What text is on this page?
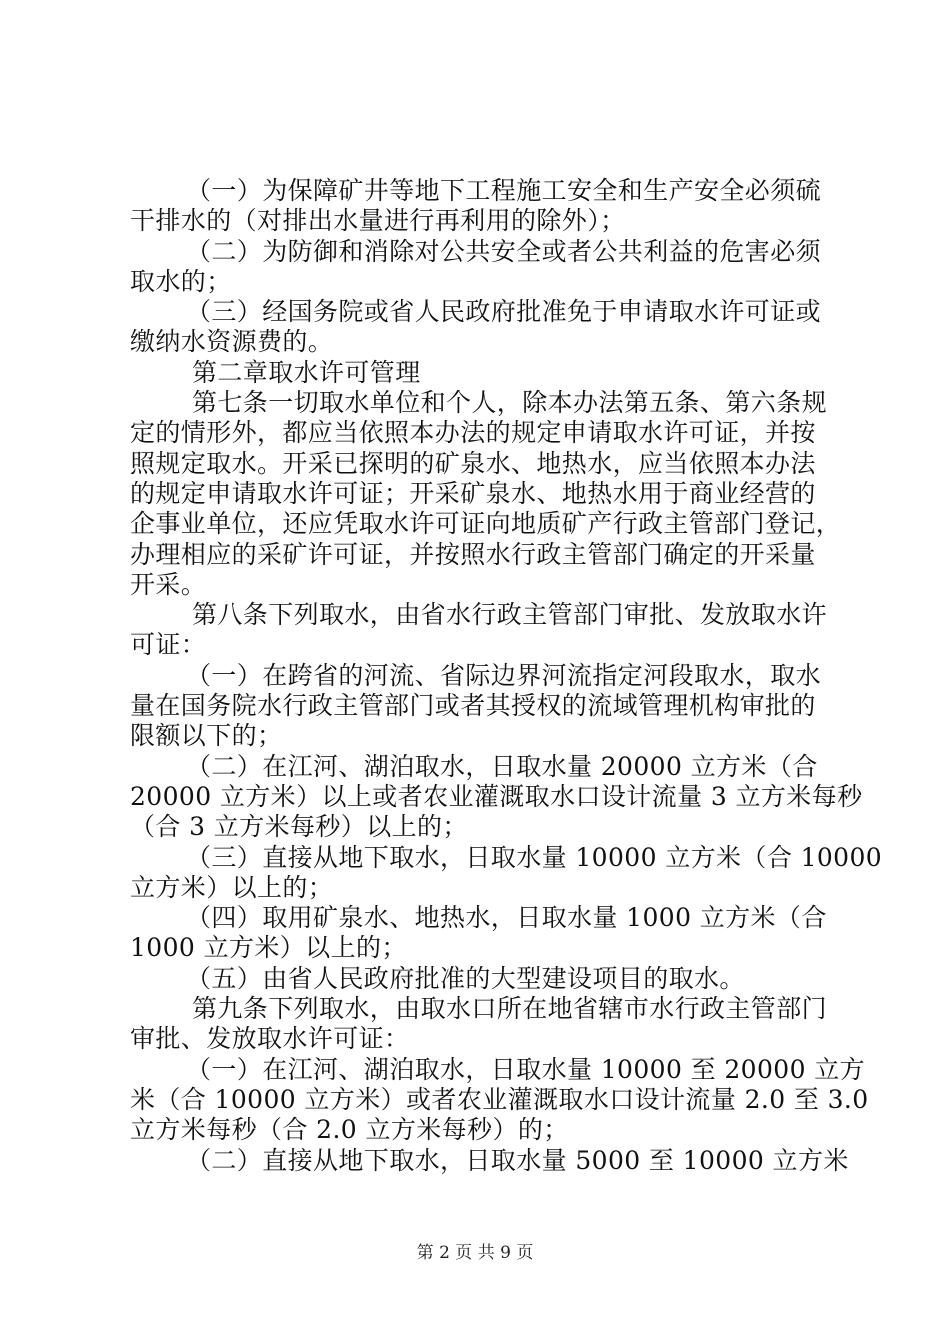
（一）为保障矿井等地下工程施工安全和生产安全必须硫
干排水的（对排出水量进行再利用的除外）；
（二）为防御和消除对公共安全或者公共利益的危害必须
取水的；
（三）经国务院或省人民政府批准免于申请取水许可证或
缴纳水资源费的。
第二章取水许可管理
第七条一切取水单位和个人，除本办法第五条、第六条规
定的情形外，都应当依照本办法的规定申请取水许可证，并按
照规定取水。开采已探明的矿泉水、地热水，应当依照本办法
的规定申请取水许可证；开采矿泉水、地热水用于商业经营的
企事业单位，还应凭取水许可证向地质矿产行政主管部门登记，
办理相应的采矿许可证，并按照水行政主管部门确定的开采量
开采。
第八条下列取水，由省水行政主管部门审批、发放取水许
可证：
（一）在跨省的河流、省际边界河流指定河段取水，取水
量在国务院水行政主管部门或者其授权的流域管理机构审批的
限额以下的；
（二）在江河、湖泊取水，日取水量 20000 立方米（合
20000 立方米）以上或者农业灌溉取水口设计流量 3 立方米每秒
（合 3 立方米每秒）以上的；
（三）直接从地下取水，日取水量 10000 立方米（合 10000
立方米）以上的；
（四）取用矿泉水、地热水，日取水量 1000 立方米（合
1000 立方米）以上的；
（五）由省人民政府批准的大型建设项目的取水。
第九条下列取水，由取水口所在地省辖市水行政主管部门
审批、发放取水许可证：
（一）在江河、湖泊取水，日取水量 10000 至 20000 立方
米（合 10000 立方米）或者农业灌溉取水口设计流量 2.0 至 3.0
立方米每秒（合 2.0 立方米每秒）的；
（二）直接从地下取水，日取水量 5000 至 10000 立方米
第 2 页 共 9 页
